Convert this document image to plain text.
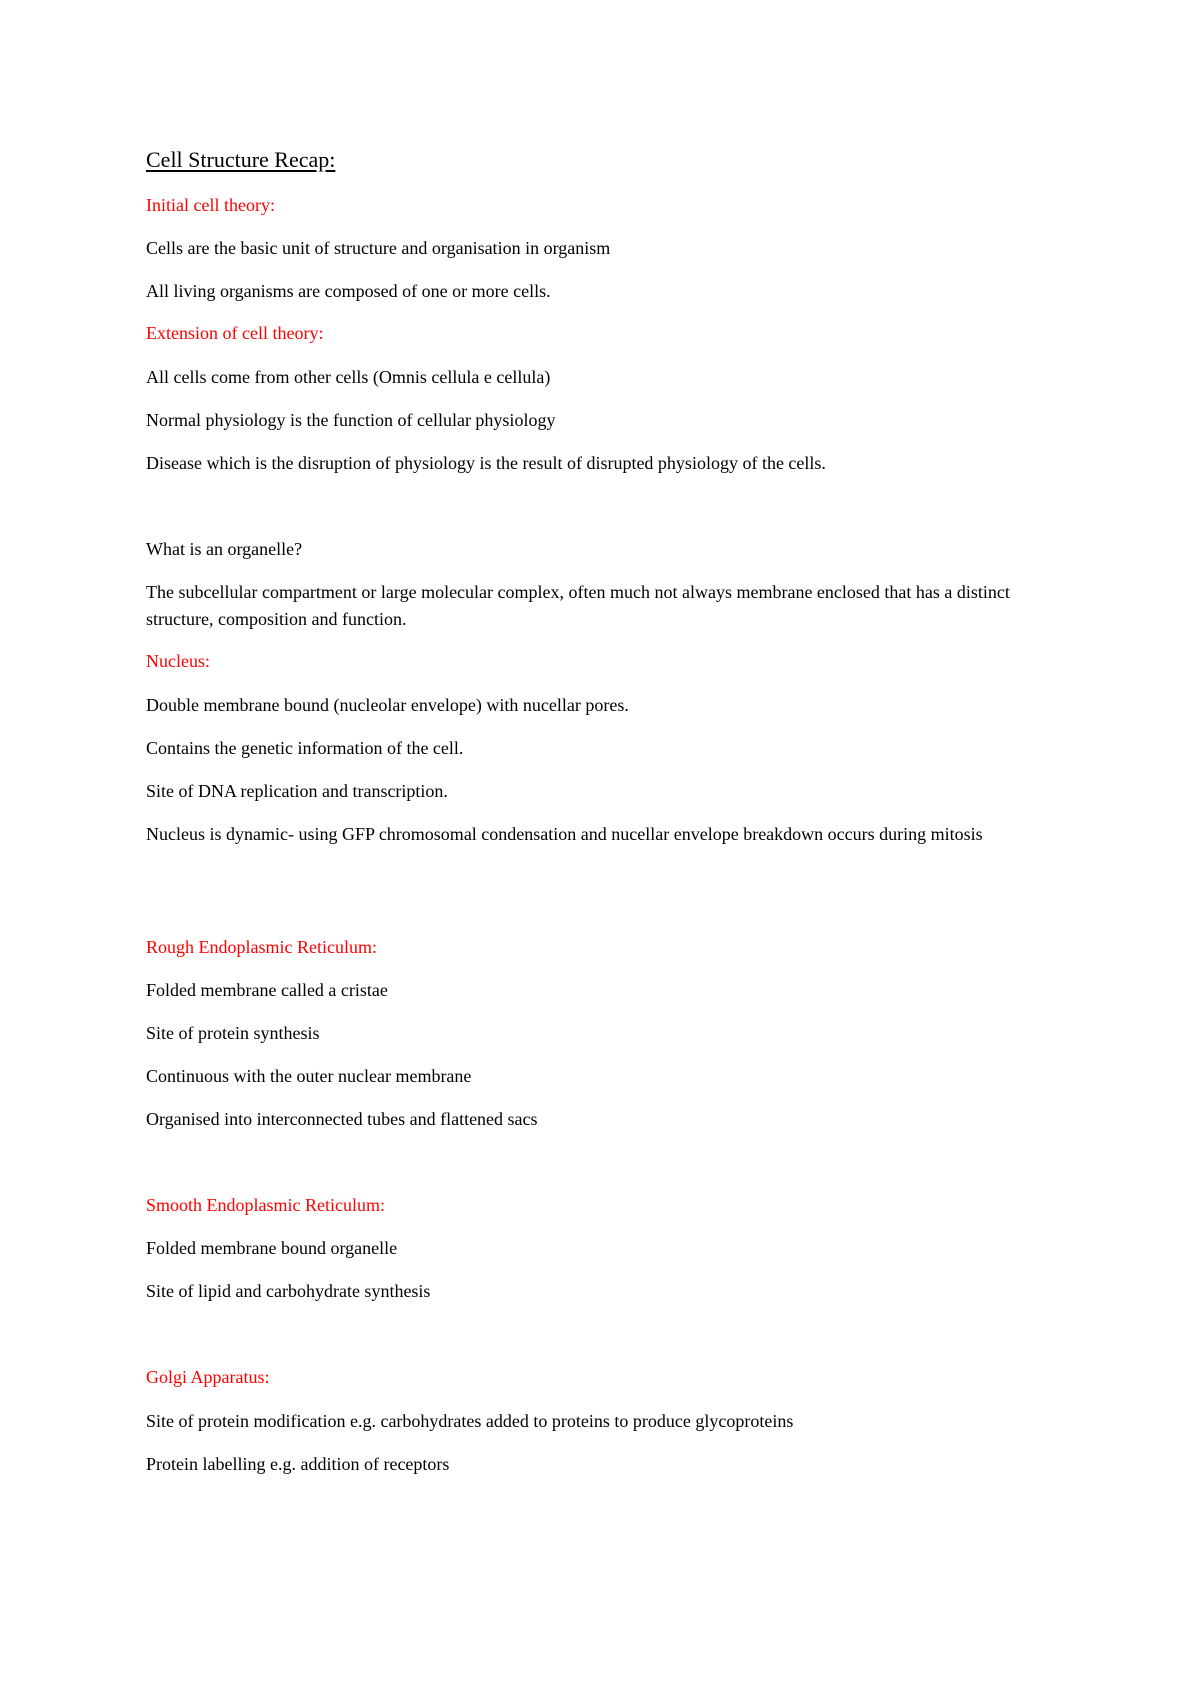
Cell Structure Recap:
Initial cell theory:
Cells are the basic unit of structure and organisation in organism
All living organisms are composed of one or more cells.
Extension of cell theory:
All cells come from other cells (Omnis cellula e cellula)
Normal physiology is the function of cellular physiology
Disease which is the disruption of physiology is the result of disrupted physiology of the cells.
What is an organelle?
The subcellular compartment or large molecular complex, often much not always membrane enclosed that has a distinct structure, composition and function.
Nucleus:
Double membrane bound (nucleolar envelope) with nucellar pores.
Contains the genetic information of the cell.
Site of DNA replication and transcription.
Nucleus is dynamic- using GFP chromosomal condensation and nucellar envelope breakdown occurs during mitosis
Rough Endoplasmic Reticulum:
Folded membrane called a cristae
Site of protein synthesis
Continuous with the outer nuclear membrane
Organised into interconnected tubes and flattened sacs
Smooth Endoplasmic Reticulum:
Folded membrane bound organelle
Site of lipid and carbohydrate synthesis
Golgi Apparatus:
Site of protein modification e.g. carbohydrates added to proteins to produce glycoproteins
Protein labelling e.g. addition of receptors
